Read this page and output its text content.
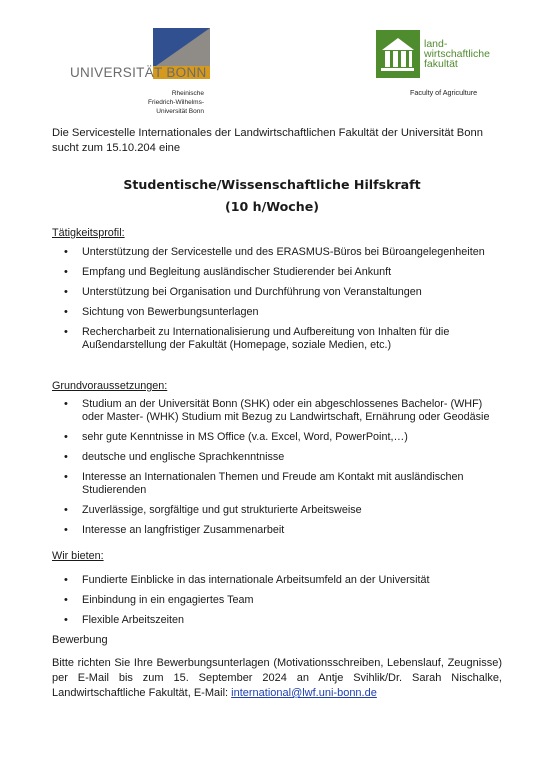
UNIVERSITÄT BONN
Rheinische
Friedrich-Wilhelms-
Universität Bonn
land-
wirtschaftliche
fakultät
Faculty of Agriculture
Die Servicestelle Internationales der Landwirtschaftlichen Fakultät der Universität Bonn sucht zum 15.10.204 eine
Studentische/Wissenschaftliche Hilfskraft
(10 h/Woche)
Tätigkeitsprofil:
• Unterstützung der Servicestelle und des ERASMUS-Büros bei Büroangelegenheiten
• Empfang und Begleitung ausländischer Studierender bei Ankunft
• Unterstützung bei Organisation und Durchführung von Veranstaltungen
• Sichtung von Bewerbungsunterlagen
• Rechercharbeit zu Internationalisierung und Aufbereitung von Inhalten für die Außendarstellung der Fakultät (Homepage, soziale Medien, etc.)
Grundvoraussetzungen:
• Studium an der Universität Bonn (SHK) oder ein abgeschlossenes Bachelor- (WHF) oder Master- (WHK) Studium mit Bezug zu Landwirtschaft, Ernährung oder Geodäsie
• sehr gute Kenntnisse in MS Office (v.a. Excel, Word, PowerPoint,…)
• deutsche und englische Sprachkenntnisse
• Interesse an Internationalen Themen und Freude am Kontakt mit ausländischen Studierenden
• Zuverlässige, sorgfältige und gut strukturierte Arbeitsweise
• Interesse an langfristiger Zusammenarbeit
Wir bieten:
• Fundierte Einblicke in das internationale Arbeitsumfeld an der Universität
• Einbindung in ein engagiertes Team
• Flexible Arbeitszeiten
Bewerbung
Bitte richten Sie Ihre Bewerbungsunterlagen (Motivationsschreiben, Lebenslauf, Zeugnisse) per E-Mail bis zum 15. September 2024 an Antje Svihlik/Dr. Sarah Nischalke, Landwirtschaftliche Fakultät, E-Mail: international@lwf.uni-bonn.de
